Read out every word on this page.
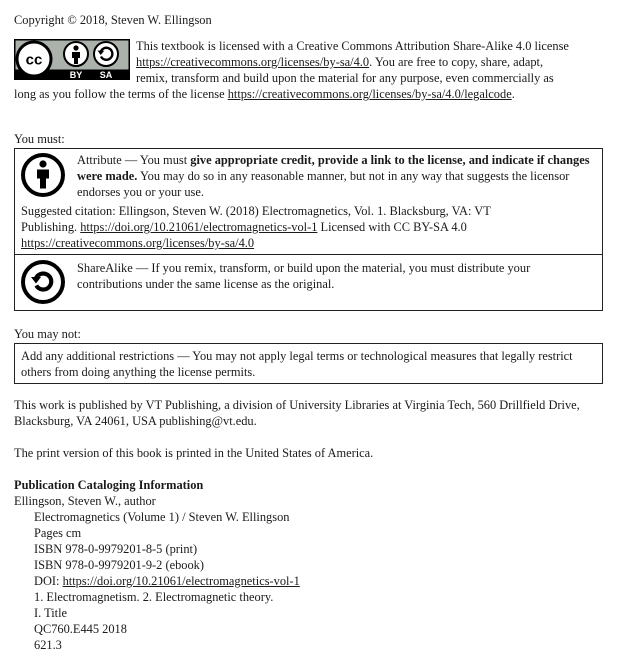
Copyright © 2018, Steven W. Ellingson
cc
BY SA
This textbook is licensed with a Creative Commons Attribution Share-Alike 4.0 license
https://creativecommons.org/licenses/by-sa/4.0. You are free to copy, share, adapt,
remix, transform and build upon the material for any purpose, even commercially as
long as you follow the terms of the license https://creativecommons.org/licenses/by-sa/4.0/legalcode.
You must:
Attribute — You must give appropriate credit, provide a link to the license, and indicate if changes were made. You may do so in any reasonable manner, but not in any way that suggests the licensor endorses you or your use.
Suggested citation: Ellingson, Steven W. (2018) Electromagnetics, Vol. 1. Blacksburg, VA: VT
Publishing. https://doi.org/10.21061/electromagnetics-vol-1 Licensed with CC BY-SA 4.0
https://creativecommons.org/licenses/by-sa/4.0
ShareAlike — If you remix, transform, or build upon the material, you must distribute your contributions under the same license as the original.
You may not:
Add any additional restrictions — You may not apply legal terms or technological measures that legally restrict others from doing anything the license permits.
This work is published by VT Publishing, a division of University Libraries at Virginia Tech, 560 Drillfield Drive, Blacksburg, VA 24061, USA publishing@vt.edu.
The print version of this book is printed in the United States of America.
Publication Cataloging Information
Ellingson, Steven W., author
Electromagnetics (Volume 1) / Steven W. Ellingson
Pages cm
ISBN 978-0-9979201-8-5 (print)
ISBN 978-0-9979201-9-2 (ebook)
DOI: https://doi.org/10.21061/electromagnetics-vol-1
1. Electromagnetism. 2. Electromagnetic theory.
I. Title
QC760.E445 2018
621.3
